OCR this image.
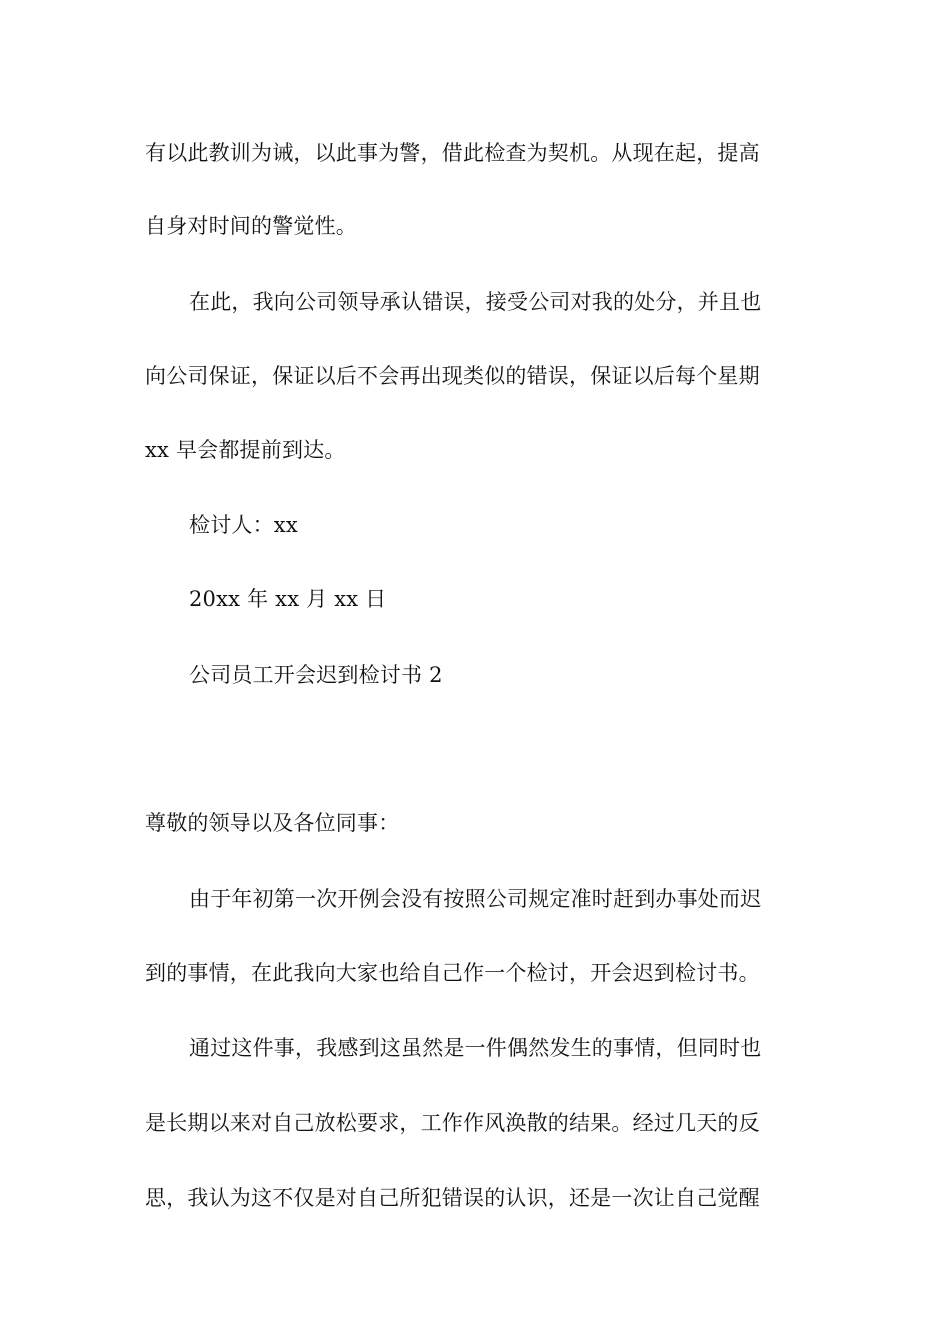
有以此教训为诫，以此事为警，借此检查为契机。从现在起，提高
自身对时间的警觉性。
在此，我向公司领导承认错误，接受公司对我的处分，并且也
向公司保证，保证以后不会再出现类似的错误，保证以后每个星期
xx 早会都提前到达。
检讨人：xx
20xx 年 xx 月 xx 日
公司员工开会迟到检讨书 2
尊敬的领导以及各位同事：
由于年初第一次开例会没有按照公司规定准时赶到办事处而迟
到的事情，在此我向大家也给自己作一个检讨，开会迟到检讨书。
通过这件事，我感到这虽然是一件偶然发生的事情，但同时也
是长期以来对自己放松要求，工作作风涣散的结果。经过几天的反
思，我认为这不仅是对自己所犯错误的认识，还是一次让自己觉醒
